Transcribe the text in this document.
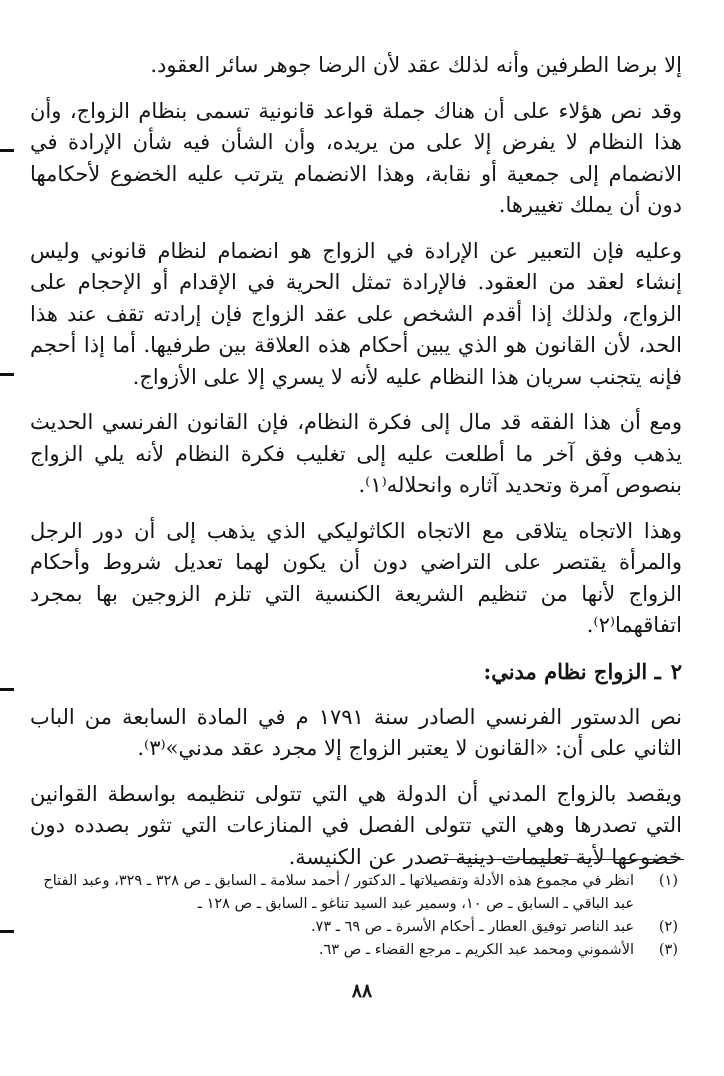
إلا برضا الطرفين وأنه لذلك عقد لأن الرضا جوهر سائر العقود.

وقد نص هؤلاء على أن هناك جملة قواعد قانونية تسمى بنظام الزواج، وأن هذا النظام لا يفرض إلا على من يريده، وأن الشأن فيه شأن الإرادة في الانضمام إلى جمعية أو نقابة، وهذا الانضمام يترتب عليه الخضوع لأحكامها دون أن يملك تغييرها.

وعليه فإن التعبير عن الإرادة في الزواج هو انضمام لنظام قانوني وليس إنشاء لعقد من العقود. فالإرادة تمثل الحرية في الإقدام أو الإحجام على الزواج، ولذلك إذا أقدم الشخص على عقد الزواج فإن إرادته تقف عند هذا الحد، لأن القانون هو الذي يبين أحكام هذه العلاقة بين طرفيها. أما إذا أحجم فإنه يتجنب سريان هذا النظام عليه لأنه لا يسري إلا على الأزواج.

ومع أن هذا الفقه قد مال إلى فكرة النظام، فإن القانون الفرنسي الحديث يذهب وفق آخر ما أطلعت عليه إلى تغليب فكرة النظام لأنه يلي الزواج بنصوص آمرة وتحديد آثاره وانحلاله⁽١⁾.

وهذا الاتجاه يتلاقى مع الاتجاه الكاثوليكي الذي يذهب إلى أن دور الرجل والمرأة يقتصر على التراضي دون أن يكون لهما تعديل شروط وأحكام الزواج لأنها من تنظيم الشريعة الكنسية التي تلزم الزوجين بها بمجرد اتفاقهما⁽٢⁾.

٢ـ الزواج نظام مدني:

نص الدستور الفرنسي الصادر سنة ١٧٩١ م في المادة السابعة من الباب الثاني على أن: «القانون لا يعتبر الزواج إلا مجرد عقد مدني»⁽٣⁾.

ويقصد بالزواج المدني أن الدولة هي التي تتولى تنظيمه بواسطة القوانين التي تصدرها وهي التي تتولى الفصل في المنازعات التي تثور بصدده دون خضوعها لأية تعليمات دينية تصدر عن الكنيسة.

(١)
انظر في مجموع هذه الأدلة وتفصيلاتها ـ الدكتور / أحمد سلامة ـ السابق ـ ص ٣٢٨ ـ ٣٢٩، وعبد الفتاح عبد الباقي ـ السابق ـ ص ١٠، وسمير عبد السيد تناغو ـ السابق ـ ص ١٢٨ ـ
(٢)
عبد الناصر توفيق العطار ـ أحكام الأسرة ـ ص ٦٩ ـ ٧٣.
(٣)
الأشموني ومحمد عبد الكريم ـ مرجع القضاء ـ ص ٦٣.
٨٨
